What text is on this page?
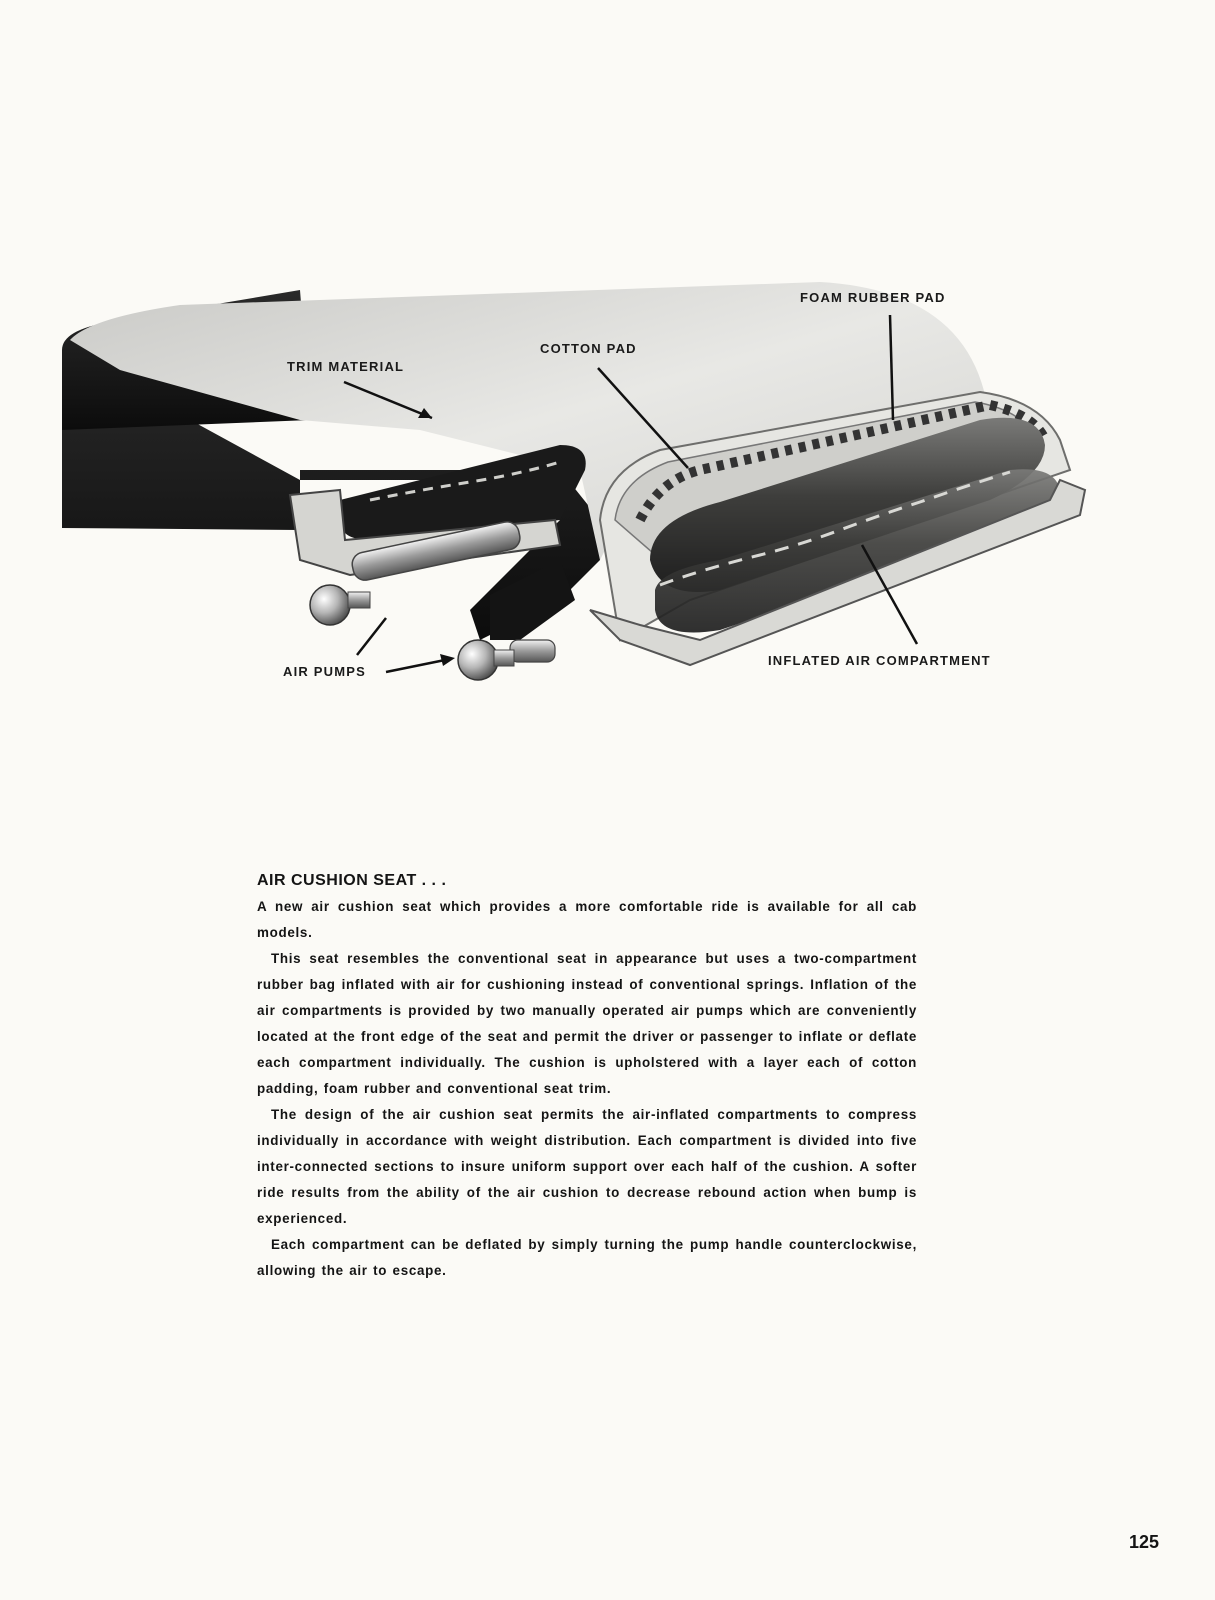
FOAM RUBBER PAD
COTTON PAD
TRIM MATERIAL
AIR PUMPS
INFLATED AIR COMPARTMENT
AIR CUSHION SEAT . . .

A new air cushion seat which provides a more comfortable ride is available for all cab models.

This seat resembles the conventional seat in appearance but uses a two-compartment rubber bag inflated with air for cushioning instead of conventional springs. Inflation of the air compartments is provided by two manually operated air pumps which are conveniently located at the front edge of the seat and permit the driver or passenger to inflate or deflate each compartment individually. The cushion is upholstered with a layer each of cotton padding, foam rubber and conventional seat trim.

The design of the air cushion seat permits the air-inflated compartments to compress individually in accordance with weight distribution. Each compartment is divided into five inter-connected sections to insure uniform support over each half of the cushion. A softer ride results from the ability of the air cushion to decrease rebound action when bump is experienced.

Each compartment can be deflated by simply turning the pump handle counterclockwise, allowing the air to escape.

125
